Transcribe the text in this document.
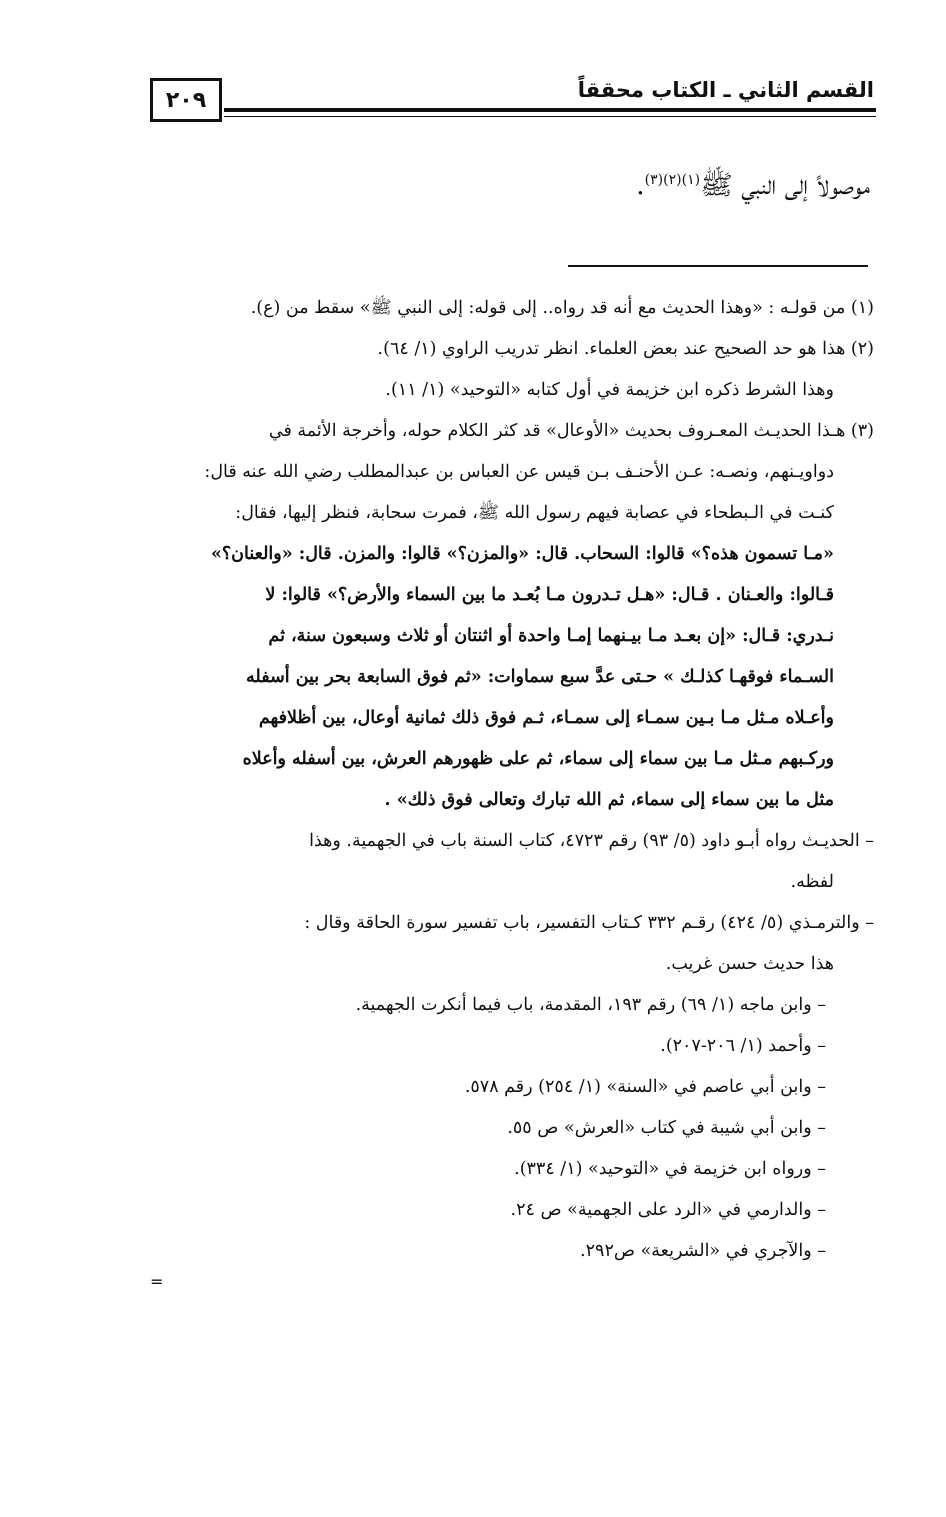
٢٠٩	القسم الثاني ـ الكتاب محققاً
موصولاً إلى النبي ﷺ$^{(١)(٢)(٣)}$.
(١) من قولـه : «وهذا الحديث مع أنه قد رواه.. إلى قوله: إلى النبي ﷺ» سقط من (ع).
(٢) هذا هو حد الصحيح عند بعض العلماء. انظر تدريب الراوي (١/ ٦٤).
وهذا الشرط ذكره ابن خزيمة في أول كتابه «التوحيد» (١/ ١١).
(٣) هـذا الحديـث المعـروف بحديث «الأوعال» قد كثر الكلام حوله، وأخرجة الأئمة في
دواويـنهم، ونصـه: عـن الأحنـف بـن قيس عن العباس بن عبدالمطلب رضي الله عنه قال:
كنـت في الـبطحاء في عصابة فيهم رسول الله ﷺ، فمرت سحابة، فنظر إليها، فقال:
«مـا تسمون هذه؟» قالوا: السحاب. قال: «والمزن؟» قالوا: والمزن. قال: «والعنان؟»
قـالوا: والعـنان . قـال: «هـل تـدرون مـا بُعـد ما بين السماء والأرض؟» قالوا: لا
نـدري: قـال: «إن بعـد مـا بيـنهما إمـا واحدة أو اثنتان أو ثلاث وسبعون سنة، ثم
السـماء فوقهـا كذلـك » حـتى عدَّ سبع سماوات: «ثم فوق السابعة بحر بين أسفله
وأعـلاه مـثل مـا بـين سمـاء إلى سمـاء، ثـم فوق ذلك ثمانية أوعال، بين أظلافهم
وركـبهم مـثل مـا بين سماء إلى سماء، ثم على ظهورهم العرش، بين أسفله وأعلاه
مثل ما بين سماء إلى سماء، ثم الله تبارك وتعالى فوق ذلك» .
– الحديـث رواه أبـو داود (٥/ ٩٣) رقم ٤٧٢٣، كتاب السنة باب في الجهمية. وهذا
لفظه.
– والترمـذي (٥/ ٤٢٤) رقـم ٣٣٢ كـتاب التفسير، باب تفسير سورة الحاقة وقال :
هذا حديث حسن غريب.
– وابن ماجه (١/ ٦٩) رقم ١٩٣، المقدمة، باب فيما أنكرت الجهمية.
– وأحمد (١/ ٢٠٦-٢٠٧).
– وابن أبي عاصم في «السنة» (١/ ٢٥٤) رقم ٥٧٨.
– وابن أبي شيبة في كتاب «العرش» ص ٥٥.
– ورواه ابن خزيمة في «التوحيد» (١/ ٣٣٤).
– والدارمي في «الرد على الجهمية» ص ٢٤.
– والآجري في «الشريعة» ص٢٩٢.
=
